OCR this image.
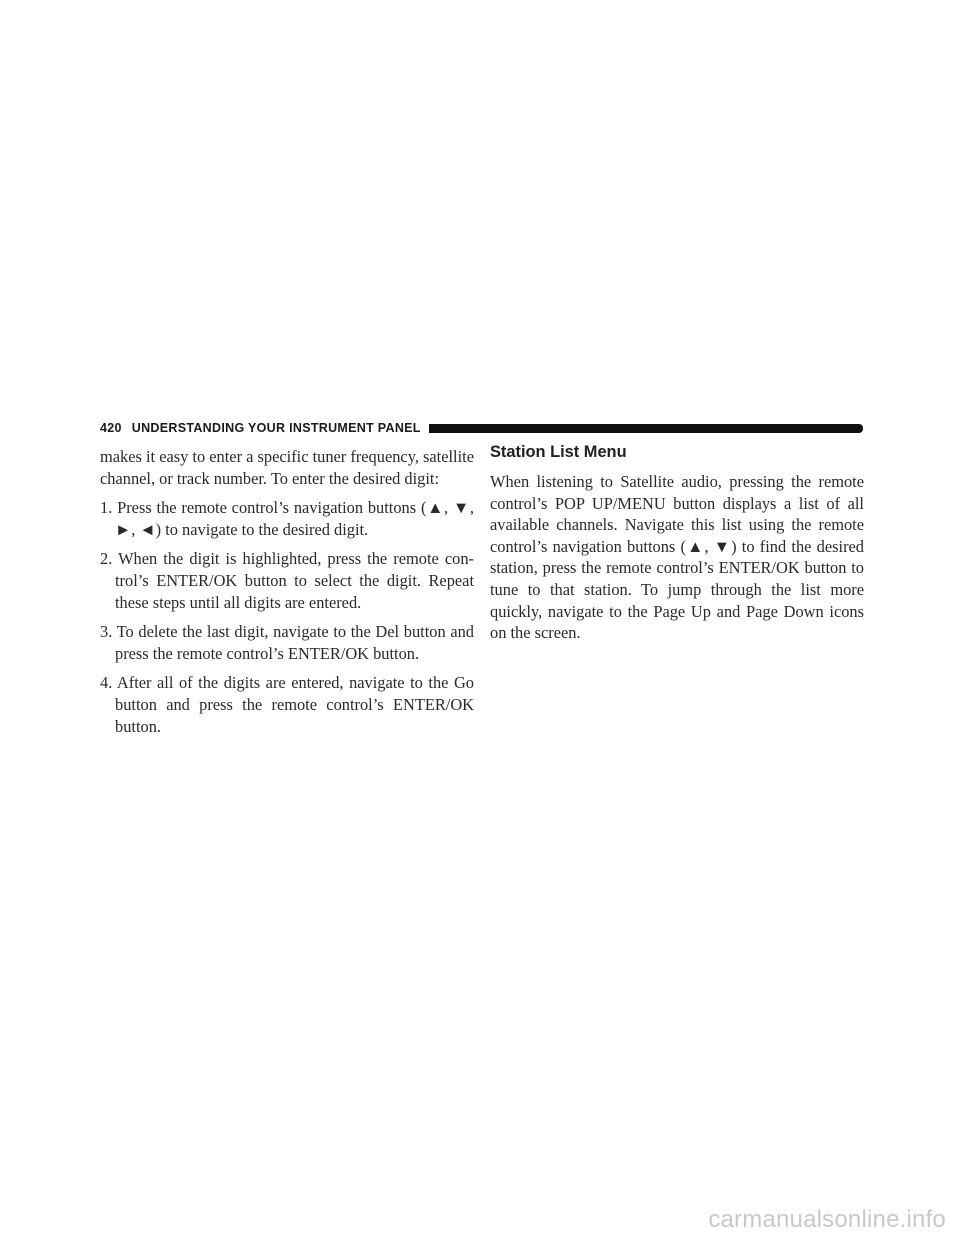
420 UNDERSTANDING YOUR INSTRUMENT PANEL

makes it easy to enter a specific tuner frequency, satellite channel, or track number. To enter the desired digit:

1. Press the remote control’s navigation buttons (▲, ▼, ►, ◄) to navigate to the desired digit.
2. When the digit is highlighted, press the remote con-trol’s ENTER/OK button to select the digit. Repeat these steps until all digits are entered.
3. To delete the last digit, navigate to the Del button and press the remote control’s ENTER/OK button.
4. After all of the digits are entered, navigate to the Go button and press the remote control’s ENTER/OK button.
Station List Menu

When listening to Satellite audio, pressing the remote control’s POP UP/MENU button displays a list of all available channels. Navigate this list using the remote control’s navigation buttons (▲, ▼) to find the desired station, press the remote control’s ENTER/OK button to tune to that station. To jump through the list more quickly, navigate to the Page Up and Page Down icons on the screen.

carmanualsonline.info
